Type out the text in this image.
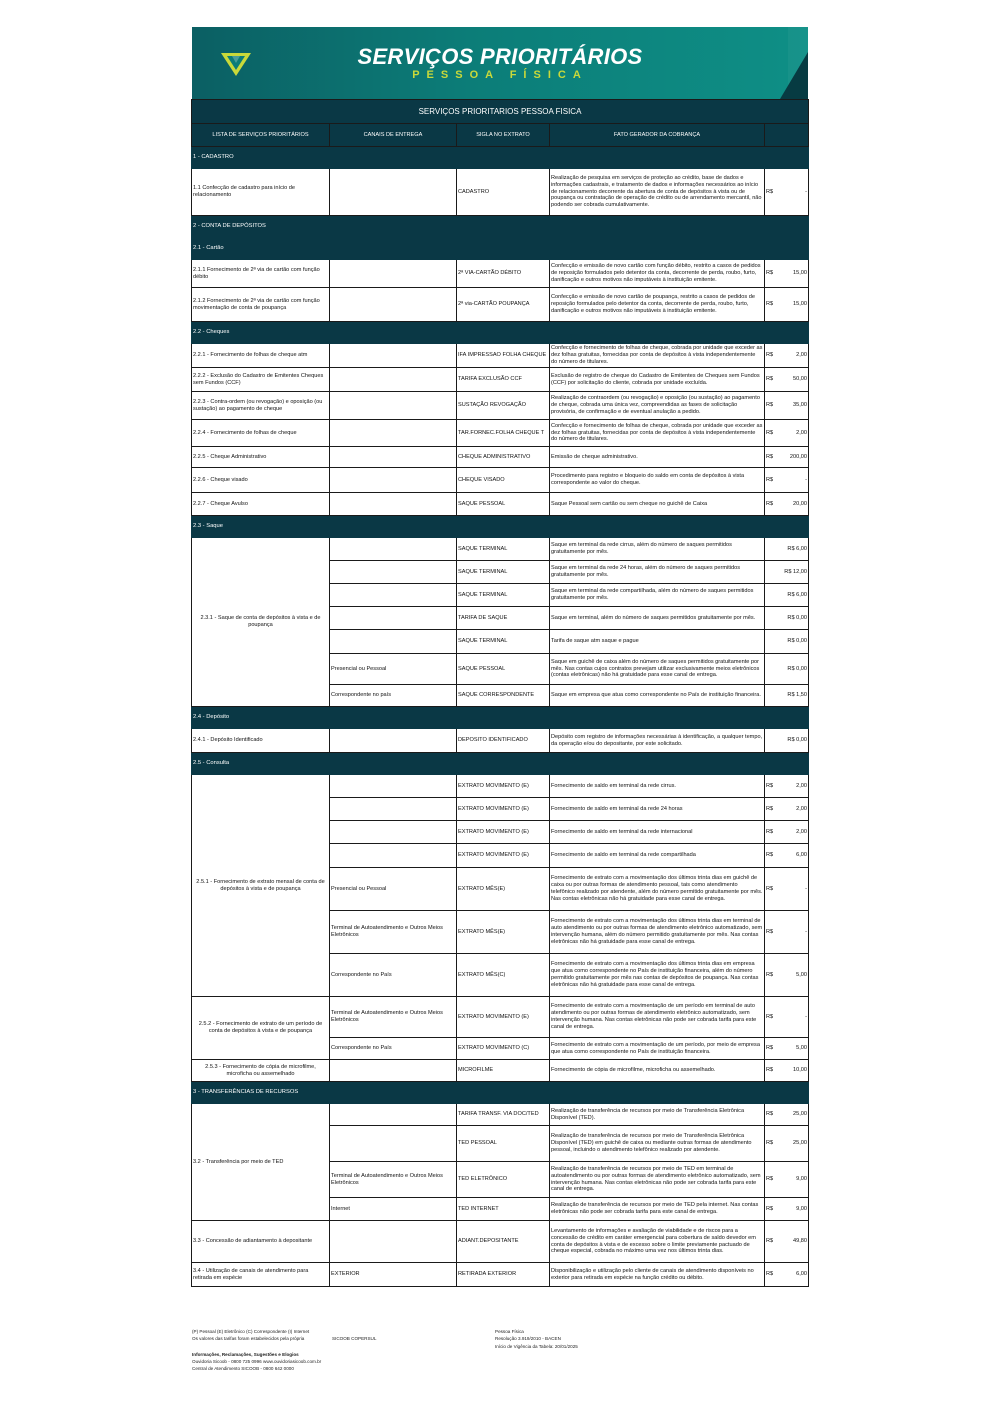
SERVIÇOS PRIORITÁRIOS
PESSOA FÍSICA
SERVIÇOS PRIORITARIOS PESSOA FISICA				
LISTA DE SERVIÇOS PRIORITÁRIOS	CANAIS DE ENTREGA	SIGLA NO EXTRATO	FATO GERADOR DA COBRANÇA	
1 - CADASTRO				
1.1 Confecção de cadastro para início de relacionamento		CADASTRO	Realização de pesquisa em serviços de proteção ao crédito, base de dados e informações cadastrais, e tratamento de dados e informações necessários ao início de relacionamento decorrente da abertura de conta de depósitos à vista ou de poupança ou contratação de operação de crédito ou de arrendamento mercantil, não podendo ser cobrada cumulativamente.	R$ -

2 - CONTA DE DEPÓSITOS				
2.1 - Cartão				
2.1.1 Fornecimento de 2ª via de cartão com função débito		2ª VIA-CARTÃO DÉBITO	Confecção e emissão de novo cartão com função débito, restrito a casos de pedidos de reposição formulados pelo detentor da conta, decorrente de perda, roubo, furto, danificação e outros motivos não imputáveis à instituição emitente.	R$ 15,00

2.1.2 Fornecimento de 2ª via de cartão com função movimentação de conta de poupança		2ª via-CARTÃO POUPANÇA	Confecção e emissão de novo cartão de poupança, restrito a casos de pedidos de reposição formulados pelo detentor da conta, decorrente de perda, roubo, furto, danificação e outros motivos não imputáveis à instituição emitente.	R$ 15,00

2.2 - Cheques				
2.2.1 - Fornecimento de folhas de cheque atm		IFA IMPRESSAO FOLHA CHEQUE	Confecção e fornecimento de folhas de cheque, cobrada por unidade que exceder as dez folhas gratuitas, fornecidas por conta de depósitos à vista independentemente do número de titulares.	R$ 2,00

2.2.2 - Exclusão do Cadastro de Emitentes Cheques sem Fundos (CCF)		TARIFA EXCLUSÃO CCF	Exclusão de registro de cheque do Cadastro de Emitentes de Cheques sem Fundos (CCF) por solicitação do cliente, cobrada por unidade excluída.	R$ 50,00

2.2.3 - Contra-ordem (ou revogação) e oposição (ou sustação) ao pagamento de cheque		SUSTAÇÃO REVOGAÇÃO	Realização de contraordem (ou revogação) e oposição (ou sustação) ao pagamento de cheque, cobrada uma única vez, compreendidas as fases de solicitação provisória, de confirmação e de eventual anulação a pedido.	R$ 35,00

2.2.4 - Fornecimento de folhas de cheque		TAR.FORNEC.FOLHA CHEQUE T	Confecção e fornecimento de folhas de cheque, cobrada por unidade que exceder as dez folhas gratuitas, fornecidas por conta de depósitos à vista independentemente do número de titulares.	R$ 2,00

2.2.5 - Cheque Administrativo		CHEQUE ADMINISTRATIVO	Emissão de cheque administrativo.	R$ 200,00

2.2.6 - Cheque visado		CHEQUE VISADO	Procedimento para registro e bloqueio do saldo em conta de depósitos à vista correspondente ao valor do cheque.	R$ -

2.2.7 - Cheque Avulso		SAQUE PESSOAL	Saque Pessoal sem cartão ou sem cheque no guichê de Caixa	R$ 20,00

2.3 - Saque				
2.3.1 - Saque de conta de depósitos à vista e de poupança		SAQUE TERMINAL	Saque em terminal da rede cirrus, além do número de saques permitidos gratuitamente por mês.	R$ 6,00
		SAQUE TERMINAL	Saque em terminal da rede 24 horas, além do número de saques permitidos gratuitamente por mês.	R$ 12,00
		SAQUE TERMINAL	Saque em terminal da rede compartilhada, além do número de saques permitidos gratuitamente por mês.	R$ 6,00
		TARIFA DE SAQUE	Saque em terminal, além do número de saques permitidos gratuitamente por mês.	R$ 0,00
		SAQUE TERMINAL	Tarifa de saque atm saque e pague	R$ 0,00
	Presencial ou Pessoal	SAQUE PESSOAL	Saque em guichê de caixa além do número de saques permitidos gratuitamente por mês. Nas contas cujos contratos prevejam utilizar exclusivamente meios eletrônicos (contas eletrônicas) não há gratuidade para esse canal de entrega.	R$ 0,00
	Correspondente no país	SAQUE CORRESPONDENTE	Saque em empresa que atua como correspondente no País de instituição financeira.	R$ 1,50
2.4 - Depósito				
2.4.1 - Depósito Identificado		DEPOSITO IDENTIFICADO	Depósito com registro de informações necessárias à identificação, a qualquer tempo, da operação e/ou do depositante, por este solicitado.	R$ 0,00
2.5 - Consulta				
2.5.1 - Fornecimento de extrato mensal de conta de depósitos à vista e de poupança		EXTRATO MOVIMENTO (E)	Fornecimento de saldo em terminal da rede cirrus.	R$ 2,00

		EXTRATO MOVIMENTO (E)	Fornecimento de saldo em terminal da rede 24 horas	R$ 2,00

		EXTRATO MOVIMENTO (E)	Fornecimento de saldo em terminal da rede internacional	R$ 2,00

		EXTRATO MOVIMENTO (E)	Fornecimento de saldo em terminal da rede compartilhada	R$ 6,00

	Presencial ou Pessoal	EXTRATO MÊS(E)	Fornecimento de extrato com a movimentação dos últimos trinta dias em guichê de caixa ou por outras formas de atendimento pessoal, tais como atendimento telefônico realizado por atendente, além do número permitido gratuitamente por mês. Nas contas eletrônicas não há gratuidade para esse canal de entrega.	R$ -

	Terminal de Autoatendimento e Outros Meios Eletrônicos	EXTRATO MÊS(E)	Fornecimento de extrato com a movimentação dos últimos trinta dias em terminal de auto atendimento ou por outras formas de atendimento eletrônico automatizado, sem intervenção humana, além do número permitido gratuitamente por mês. Nas contas eletrônicas não há gratuidade para esse canal de entrega.	R$ -

	Correspondente no País	EXTRATO MÊS(C)	Fornecimento de extrato com a movimentação dos últimos trinta dias em empresa que atua como correspondente no País de instituição financeira, além do número permitido gratuitamente por mês nas contas de depósitos de poupança. Nas contas eletrônicas não há gratuidade para esse canal de entrega.	R$ 5,00

2.5.2 - Fornecimento de extrato de um período de conta de depósitos à vista e de poupança	Terminal de Autoatendimento e Outros Meios Eletrônicos	EXTRATO MOVIMENTO (E)	Fornecimento de extrato com a movimentação de um período em terminal de auto atendimento ou por outras formas de atendimento eletrônico automatizado, sem intervenção humana. Nas contas eletrônicas não pode ser cobrada tarifa para este canal de entrega.	R$ -

	Correspondente no País	EXTRATO MOVIMENTO (C)	Fornecimento de extrato com a movimentação de um período, por meio de empresa que atua como correspondente no País de instituição financeira.	R$ 5,00

2.5.3 - Fornecimento de cópia de microfilme, microficha ou assemelhado		MICROFILME	Fornecimento de cópia de microfilme, microficha ou assemelhado.	R$ 10,00

3 - TRANSFERÊNCIAS DE RECURSOS				
3.2 - Transferência por meio de TED		TARIFA TRANSF. VIA DOC/TED	Realização de transferência de recursos por meio de Transferência Eletrônica Disponível (TED).	R$ 25,00

		TED PESSOAL	Realização de transferência de recursos por meio de Transferência Eletrônica Disponível (TED) em guichê de caixa ou mediante outras formas de atendimento pessoal, incluindo o atendimento telefônico realizado por atendente.	R$ 25,00

	Terminal de Autoatendimento e Outros Meios Eletrônicos	TED ELETRÔNICO	Realização de transferência de recursos por meio de TED em terminal de autoatendimento ou por outras formas de atendimento eletrônico automatizado, sem intervenção humana. Nas contas eletrônicas não pode ser cobrada tarifa para este canal de entrega.	R$ 9,00

	Internet	TED INTERNET	Realização de transferência de recursos por meio de TED pela internet. Nas contas eletrônicas não pode ser cobrada tarifa para este canal de entrega.	R$ 9,00

3.3 - Concessão de adiantamento à depositante		ADIANT.DEPOSITANTE	Levantamento de informações e avaliação de viabilidade e de riscos para a concessão de crédito em caráter emergencial para cobertura de saldo devedor em conta de depósitos à vista e de excesso sobre o limite previamente pactuado de cheque especial, cobrada no máximo uma vez nos últimos trinta dias.	R$ 49,80

3.4 - Utilização de canais de atendimento para retirada em espécie	EXTERIOR	RETIRADA EXTERIOR	Disponibilização e utilização pelo cliente de canais de atendimento disponíveis no exterior para retirada em espécie na função crédito ou débito.	R$ 6,00
(P) Pessoal (E) Eletrônico (C) Correspondente (I) Internet
Os valores das tarifas foram estabelecidos pela própria
Informações, Reclamações, Sugestões e Elogios
Ouvidoria Sicoob - 0800 725 0996 www.ouvidoriasicoob.com.br
Central de Atendimento SICOOB - 0800 642 0000
SICOOB COPERSUL
Pessoa Física
Resolução 3.919/2010 - BACEN
Início de Vigência da Tabela: 20/01/2025
